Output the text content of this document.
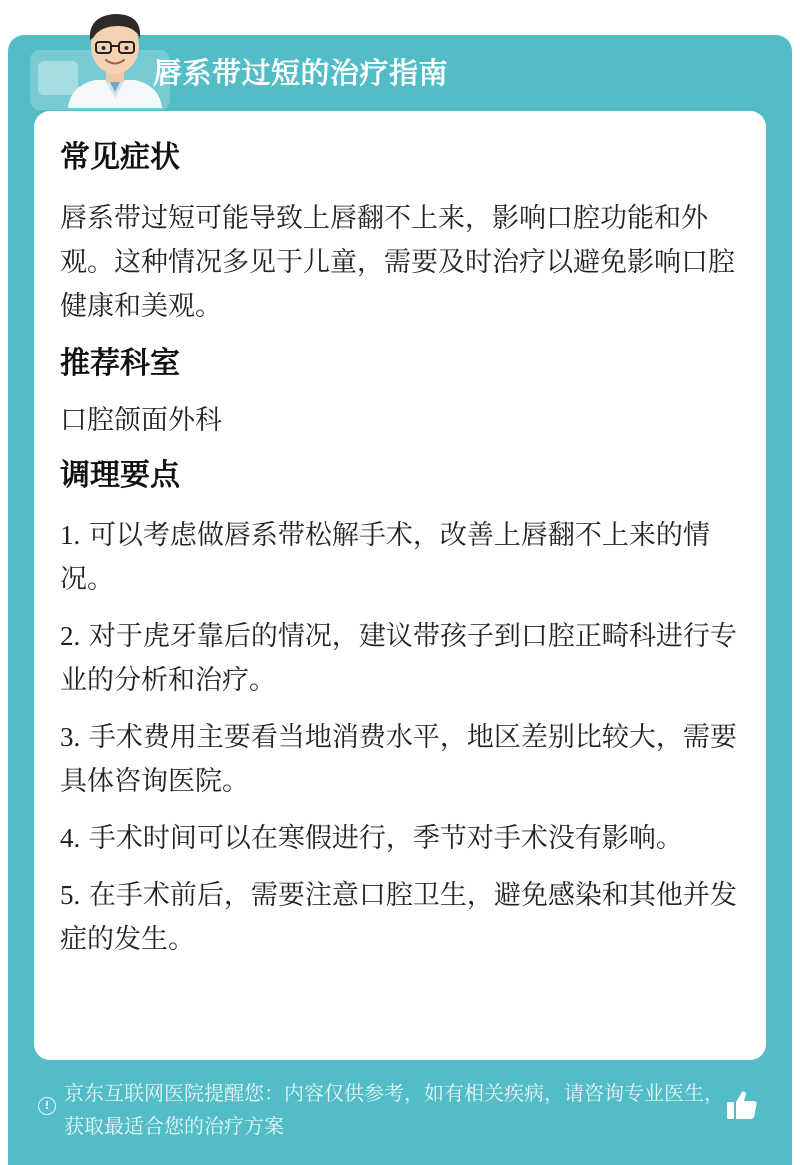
唇系带过短的治疗指南
常见症状
唇系带过短可能导致上唇翻不上来，影响口腔功能和外观。这种情况多见于儿童，需要及时治疗以避免影响口腔健康和美观。
推荐科室
口腔颌面外科
调理要点
1. 可以考虑做唇系带松解手术，改善上唇翻不上来的情况。
2. 对于虎牙靠后的情况，建议带孩子到口腔正畸科进行专业的分析和治疗。
3. 手术费用主要看当地消费水平，地区差别比较大，需要具体咨询医院。
4. 手术时间可以在寒假进行，季节对手术没有影响。
5. 在手术前后，需要注意口腔卫生，避免感染和其他并发症的发生。
!
京东互联网医院提醒您：内容仅供参考，如有相关疾病，请咨询专业医生，获取最适合您的治疗方案
